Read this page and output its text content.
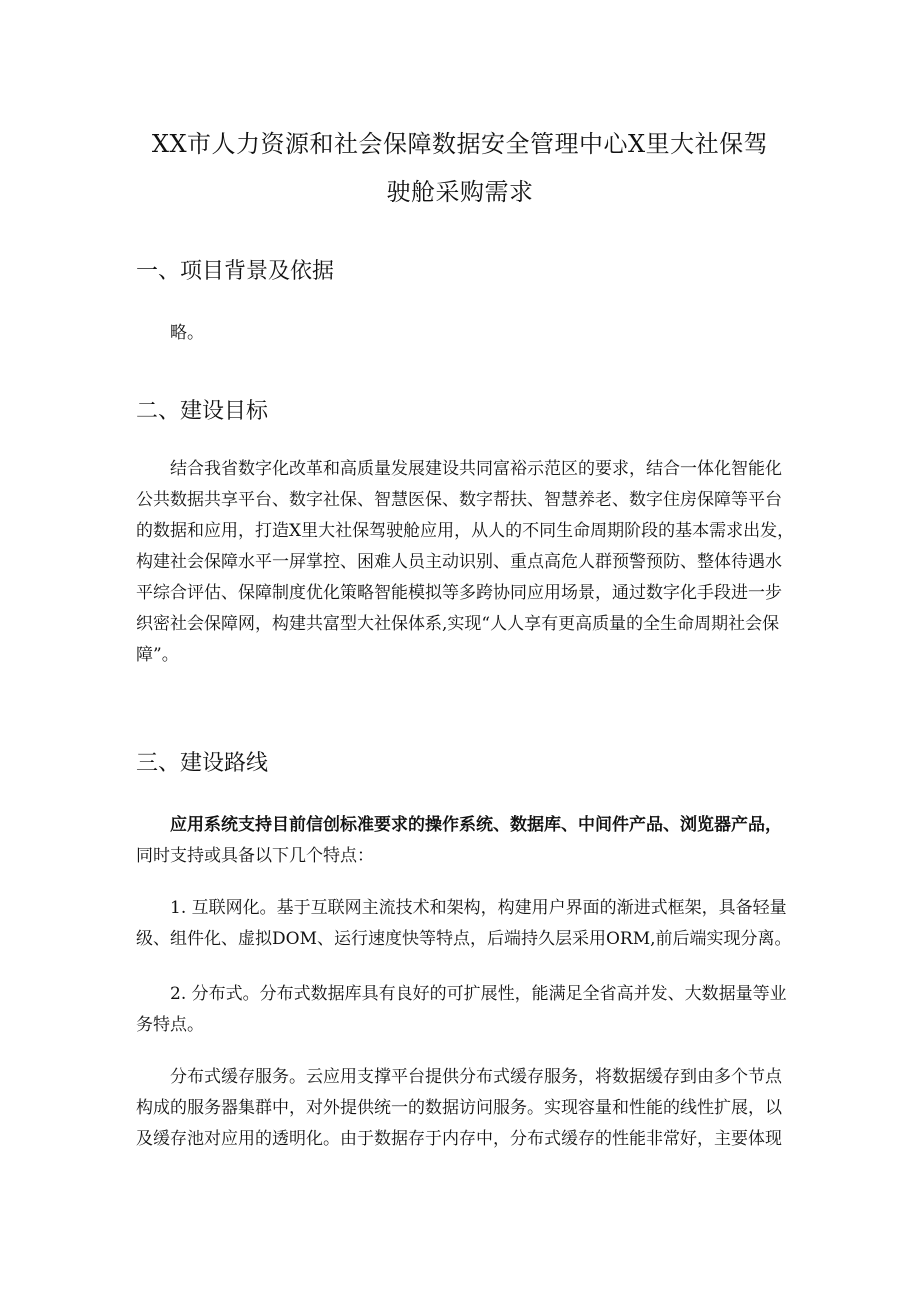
XX市人力资源和社会保障数据安全管理中心X里大社保驾
驶舱采购需求
一、项目背景及依据
略。
二、建设目标
结合我省数字化改革和高质量发展建设共同富裕示范区的要求，结合一体化智能化
公共数据共享平台、数字社保、智慧医保、数字帮扶、智慧养老、数字住房保障等平台
的数据和应用，打造X里大社保驾驶舱应用，从人的不同生命周期阶段的基本需求出发，
构建社会保障水平一屏掌控、困难人员主动识别、重点高危人群预警预防、整体待遇水
平综合评估、保障制度优化策略智能模拟等多跨协同应用场景，通过数字化手段进一步
织密社会保障网，构建共富型大社保体系,实现“人人享有更高质量的全生命周期社会保
障”。
三、建设路线
应用系统支持目前信创标准要求的操作系统、数据库、中间件产品、浏览器产品，
同时支持或具备以下几个特点：
1. 互联网化。基于互联网主流技术和架构，构建用户界面的渐进式框架，具备轻量
级、组件化、虚拟DOM、运行速度快等特点，后端持久层采用ORM,前后端实现分离。
2. 分布式。分布式数据库具有良好的可扩展性，能满足全省高并发、大数据量等业
务特点。
分布式缓存服务。云应用支撑平台提供分布式缓存服务，将数据缓存到由多个节点
构成的服务器集群中，对外提供统一的数据访问服务。实现容量和性能的线性扩展，以
及缓存池对应用的透明化。由于数据存于内存中，分布式缓存的性能非常好，主要体现
